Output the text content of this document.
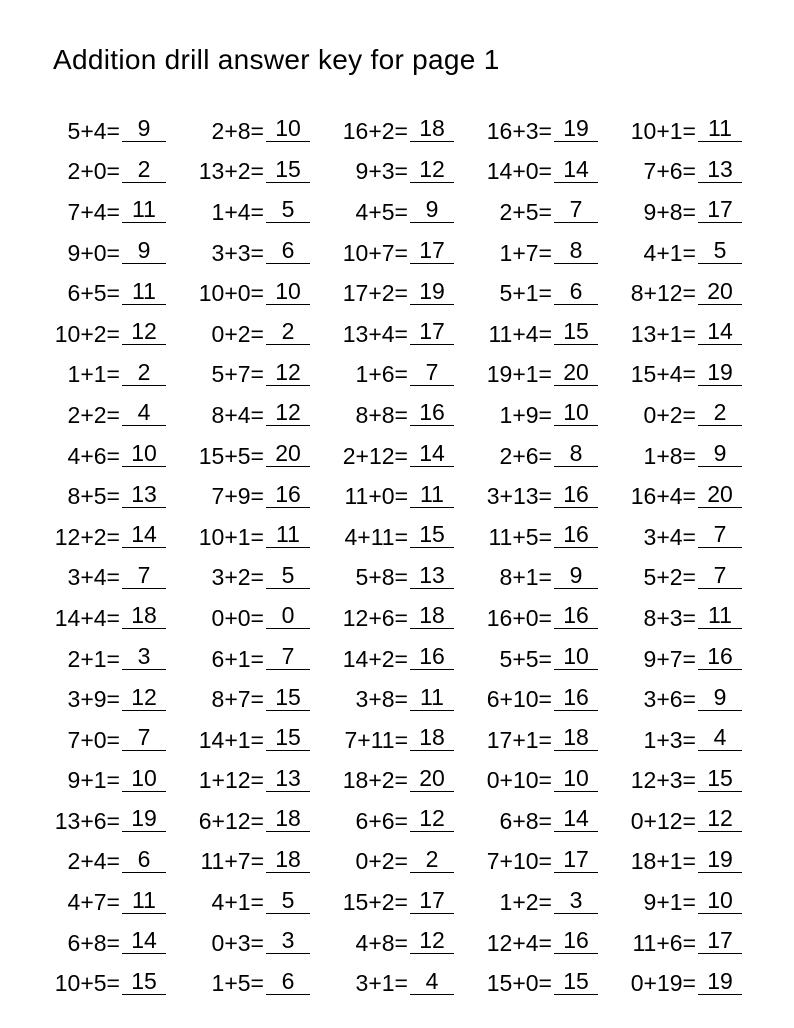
Addition drill answer key for page 1
5+4= 9	2+8= 10	16+2= 18	16+3= 19	10+1= 11
2+0= 2	13+2= 15	9+3= 12	14+0= 14	7+6= 13
7+4= 11	1+4= 5	4+5= 9	2+5= 7	9+8= 17
9+0= 9	3+3= 6	10+7= 17	1+7= 8	4+1= 5
6+5= 11	10+0= 10	17+2= 19	5+1= 6	8+12= 20
10+2= 12	0+2= 2	13+4= 17	11+4= 15	13+1= 14
1+1= 2	5+7= 12	1+6= 7	19+1= 20	15+4= 19
2+2= 4	8+4= 12	8+8= 16	1+9= 10	0+2= 2
4+6= 10	15+5= 20	2+12= 14	2+6= 8	1+8= 9
8+5= 13	7+9= 16	11+0= 11	3+13= 16	16+4= 20
12+2= 14	10+1= 11	4+11= 15	11+5= 16	3+4= 7
3+4= 7	3+2= 5	5+8= 13	8+1= 9	5+2= 7
14+4= 18	0+0= 0	12+6= 18	16+0= 16	8+3= 11
2+1= 3	6+1= 7	14+2= 16	5+5= 10	9+7= 16
3+9= 12	8+7= 15	3+8= 11	6+10= 16	3+6= 9
7+0= 7	14+1= 15	7+11= 18	17+1= 18	1+3= 4
9+1= 10	1+12= 13	18+2= 20	0+10= 10	12+3= 15
13+6= 19	6+12= 18	6+6= 12	6+8= 14	0+12= 12
2+4= 6	11+7= 18	0+2= 2	7+10= 17	18+1= 19
4+7= 11	4+1= 5	15+2= 17	1+2= 3	9+1= 10
6+8= 14	0+3= 3	4+8= 12	12+4= 16	11+6= 17
10+5= 15	1+5= 6	3+1= 4	15+0= 15	0+19= 19
